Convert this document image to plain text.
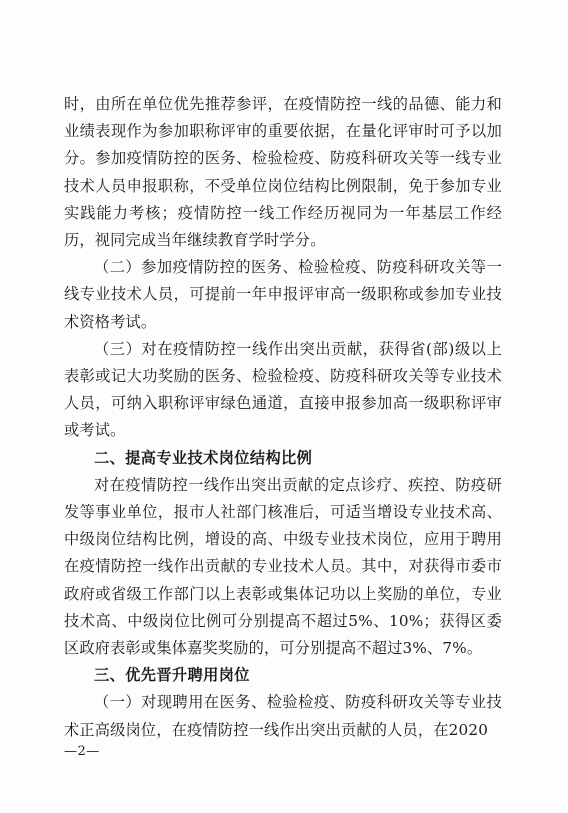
时，由所在单位优先推荐参评，在疫情防控一线的品德、能力和业绩表现作为参加职称评审的重要依据，在量化评审时可予以加分。参加疫情防控的医务、检验检疫、防疫科研攻关等一线专业技术人员申报职称，不受单位岗位结构比例限制，免于参加专业实践能力考核；疫情防控一线工作经历视同为一年基层工作经历，视同完成当年继续教育学时学分。

（二）参加疫情防控的医务、检验检疫、防疫科研攻关等一线专业技术人员，可提前一年申报评审高一级职称或参加专业技术资格考试。

（三）对在疫情防控一线作出突出贡献，获得省(部)级以上表彰或记大功奖励的医务、检验检疫、防疫科研攻关等专业技术人员，可纳入职称评审绿色通道，直接申报参加高一级职称评审或考试。

二、提高专业技术岗位结构比例

对在疫情防控一线作出突出贡献的定点诊疗、疾控、防疫研发等事业单位，报市人社部门核准后，可适当增设专业技术高、中级岗位结构比例，增设的高、中级专业技术岗位，应用于聘用在疫情防控一线作出贡献的专业技术人员。其中，对获得市委市政府或省级工作部门以上表彰或集体记功以上奖励的单位，专业技术高、中级岗位比例可分别提高不超过5%、10%；获得区委区政府表彰或集体嘉奖奖励的，可分别提高不超过3%、7%。

三、优先晋升聘用岗位

（一）对现聘用在医务、检验检疫、防疫科研攻关等专业技术正高级岗位，在疫情防控一线作出突出贡献的人员，在2020

—2—
